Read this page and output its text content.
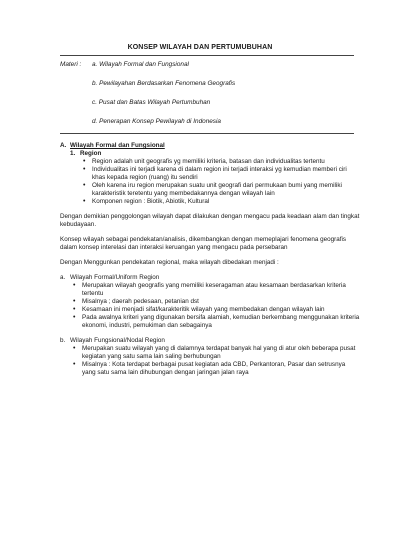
KONSEP WILAYAH DAN PERTUMUBUHAN
Materi : a. Wilayah Formal dan Fungsional
b. Pewilayahan Berdasarkan Fenomena Geografis
c. Pusat dan Batas Wilayah Pertumbuhan
d. Penerapan Konsep Pewilayah di Indonesia
A. Wilayah Formal dan Fungsional
1. Region
• Region adalah unit geografis yg memiliki kriteria, batasan dan individualitas tertentu
• Individualitas ini terjadi karena di dalam region ini terjadi interaksi yg kemudian memberi ciri khas kepada region (ruang) itu sendiri
• Oleh karena iru region merupakan suatu unit geografi dari permukaan bumi yang memiliki karakteristik teretentu yang membedakannya dengan wilayah lain
• Komponen region : Biotik, Abiotik, Kultural

Dengan demikian penggolongan wilayah dapat dilakukan dengan mengacu pada keadaan alam dan tingkat kebudayaan.

Konsep wilayah sebagai pendekatan/analisis, dikembangkan dengan memeplajari fenomena geografis dalam konsep interelasi dan interaksi keruangan yang mengacu pada persebaran

Dengan Menggunkan pendekatan regional, maka wilayah dibedakan menjadi :

a. Wilayah Formal/Uniform Region
• Merupakan wilayah geografis yang memiliki keseragaman atau kesamaan berdasarkan kriteria tertentu
• Misalnya ; daerah pedesaan, petanian dst
• Kesamaan ini menjadi sifat/karakteritik wilayah yang membedakan dengan wilayah lain
• Pada awalnya kriteri yang digunakan bersifa alamiah, kemudian berkembang menggunakan kriteria ekonomi, industri, pemukiman dan sebagainya
b. Wilayah Fungsional/Nodal Region
• Merupakan suatu wilayah yang di dalamnya terdapat banyak hal yang di atur oleh beberapa pusat kegiatan yang satu sama lain saling berhubungan
• Misalnya : Kota terdapat berbagai pusat kegiatan ada CBD, Perkantoran, Pasar dan setrusnya yang satu sama lain dihubungan dengan jaringan jalan raya
